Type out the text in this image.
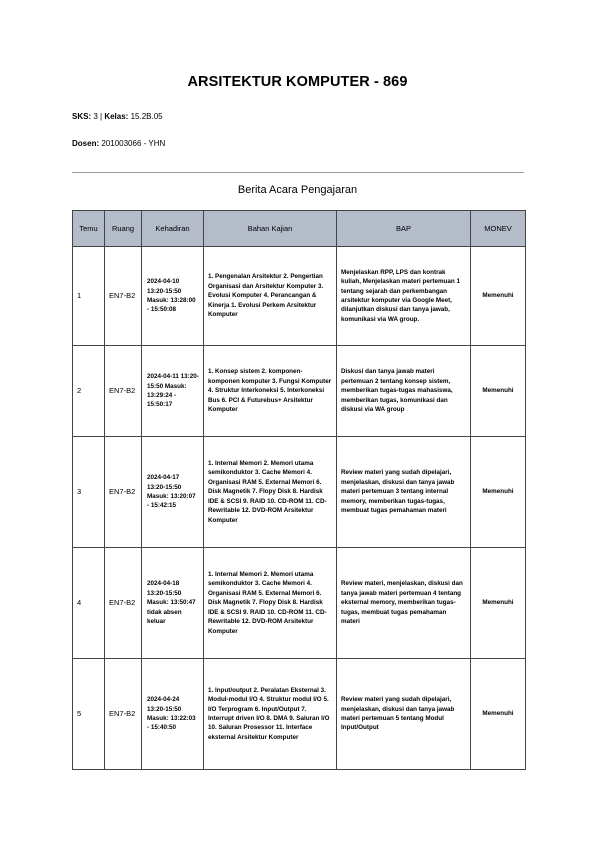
ARSITEKTUR KOMPUTER - 869
SKS: 3 | Kelas: 15.2B.05
Dosen: 201003066 - YHN
Berita Acara Pengajaran
Temu	Ruang	Kehadiran	Bahan Kajian	BAP	MONEV
1	EN7-B2	2024-04-10 13:20-15:50 Masuk: 13:28:00 - 15:50:08	1. Pengenalan Arsitektur 2. Pengertian Organisasi dan Arsitektur Komputer 3. Evolusi Komputer 4. Perancangan & Kinerja 1. Evolusi Perkem Arsitektur Komputer	Menjelaskan RPP, LPS dan kontrak kuliah, Menjelaskan materi pertemuan 1 tentang sejarah dan perkembangan arsitektur komputer via Google Meet, dilanjutkan diskusi dan tanya jawab, komunikasi via WA group.	Memenuhi
2	EN7-B2	2024-04-11 13:20-15:50 Masuk: 13:29:24 - 15:50:17	1. Konsep sistem 2. komponen-komponen komputer 3. Fungsi Komputer 4. Struktur Interkoneksi 5. Interkoneksi Bus 6. PCI & Futurebus+ Arsitektur Komputer	Diskusi dan tanya jawab materi pertemuan 2 tentang konsep sistem, memberikan tugas-tugas mahasiswa, memberikan tugas, komunikasi dan diskusi via WA group	Memenuhi
3	EN7-B2	2024-04-17 13:20-15:50 Masuk: 13:20:07 - 15:42:15	1. Internal Memori 2. Memori utama semikonduktor 3. Cache Memori 4. Organisasi RAM 5. External Memori 6. Disk Magnetik 7. Flopy Disk 8. Hardisk IDE & SCSI 9. RAID 10. CD-ROM 11. CD-Rewritable 12. DVD-ROM Arsitektur Komputer	Review materi yang sudah dipelajari, menjelaskan, diskusi dan tanya jawab materi pertemuan 3 tentang internal memory, memberikan tugas-tugas, membuat tugas pemahaman materi	Memenuhi
4	EN7-B2	2024-04-18 13:20-15:50 Masuk: 13:50:47 tidak absen keluar	1. Internal Memori 2. Memori utama semikonduktor 3. Cache Memori 4. Organisasi RAM 5. External Memori 6. Disk Magnetik 7. Flopy Disk 8. Hardisk IDE & SCSI 9. RAID 10. CD-ROM 11. CD-Rewritable 12. DVD-ROM Arsitektur Komputer	Review materi, menjelaskan, diskusi dan tanya jawab materi pertemuan 4 tentang eksternal memory, memberikan tugas-tugas, membuat tugas pemahaman materi	Memenuhi
5	EN7-B2	2024-04-24 13:20-15:50 Masuk: 13:22:03 - 15:40:50	1. Input/output 2. Peralatan Eksternal 3. Modul-modul I/O 4. Struktur modul I/O 5. I/O Terprogram 6. Input/Output 7. Interrupt driven I/O 8. DMA 9. Saluran I/O 10. Saluran Prosessor 11. Interface eksternal Arsitektur Komputer	Review materi yang sudah dipelajari, menjelaskan, diskusi dan tanya jawab materi pertemuan 5 tentang Modul Input/Output	Memenuhi
